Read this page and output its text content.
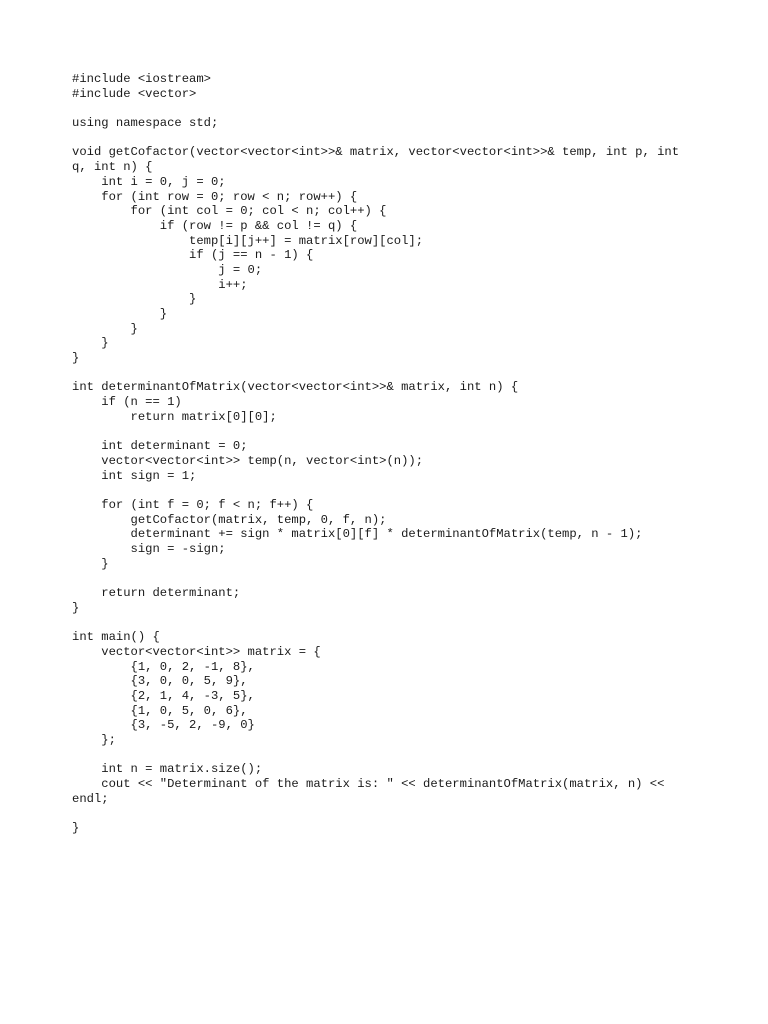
#include <iostream>
#include <vector>
using namespace std;
void getCofactor(vector<vector<int>>& matrix, vector<vector<int>>& temp, int p, int
q, int n) {
int i = 0, j = 0;
for (int row = 0; row < n; row++) {
for (int col = 0; col < n; col++) {
if (row != p && col != q) {
temp[i][j++] = matrix[row][col];
if (j == n - 1) {
j = 0;
i++;
}
}
}
}
}
int determinantOfMatrix(vector<vector<int>>& matrix, int n) {
if (n == 1)
return matrix[0][0];
int determinant = 0;
vector<vector<int>> temp(n, vector<int>(n));
int sign = 1;
for (int f = 0; f < n; f++) {
getCofactor(matrix, temp, 0, f, n);
determinant += sign * matrix[0][f] * determinantOfMatrix(temp, n - 1);
sign = -sign;
}
return determinant;
}
int main() {
vector<vector<int>> matrix = {
{1, 0, 2, -1, 8},
{3, 0, 0, 5, 9},
{2, 1, 4, -3, 5},
{1, 0, 5, 0, 6},
{3, -5, 2, -9, 0}
};
int n = matrix.size();
cout << "Determinant of the matrix is: " << determinantOfMatrix(matrix, n) <<
endl;
}
